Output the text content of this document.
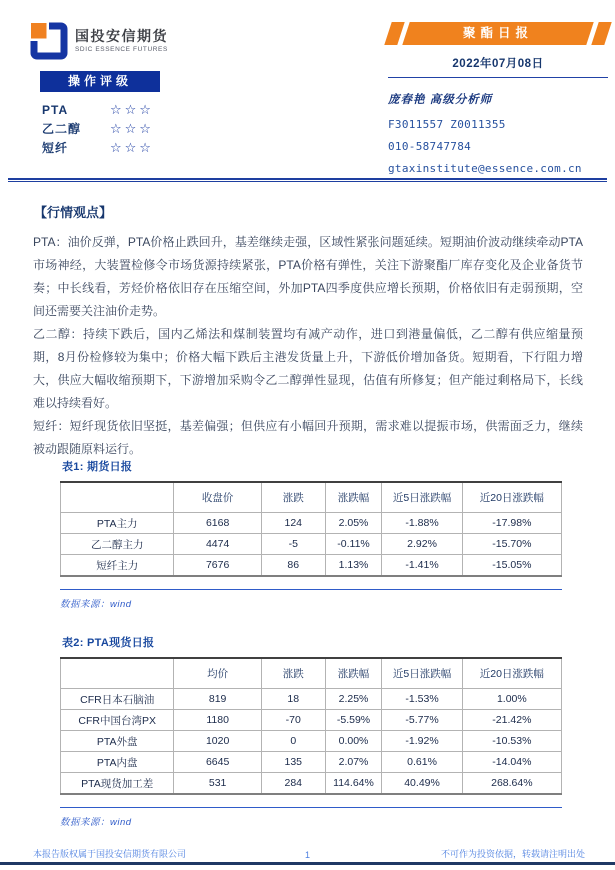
国投安信期货
SDIC ESSENCE FUTURES
操作评级
PTA	☆☆☆
乙二醇	☆☆☆
短纤	☆☆☆
聚酯日报
2022年07月08日
庞春艳 高级分析师
F3011557 Z0011355
010-58747784
gtaxinstitute@essence.com.cn
【行情观点】

PTA：油价反弹，PTA价格止跌回升，基差继续走强，区域性紧张问题延续。短期油价波动继续牵动PTA市场神经，大装置检修令市场货源持续紧张，PTA价格有弹性，关注下游聚酯厂库存变化及企业备货节奏；中长线看，芳烃价格依旧存在压缩空间，外加PTA四季度供应增长预期，价格依旧有走弱预期，空间还需要关注油价走势。

乙二醇：持续下跌后，国内乙烯法和煤制装置均有减产动作，进口到港量偏低，乙二醇有供应缩量预期，8月份检修较为集中；价格大幅下跌后主港发货量上升，下游低价增加备货。短期看，下行阻力增大，供应大幅收缩预期下，下游增加采购令乙二醇弹性显现，估值有所修复；但产能过剩格局下，长线难以持续看好。

短纤：短纤现货依旧坚挺，基差偏强；但供应有小幅回升预期，需求难以提振市场，供需面乏力，继续被动跟随原料运行。

表1: 期货日报
	收盘价	涨跌	涨跌幅	近5日涨跌幅	近20日涨跌幅
PTA主力	6168	124	2.05%	-1.88%	-17.98%
乙二醇主力	4474	-5	-0.11%	2.92%	-15.70%
短纤主力	7676	86	1.13%	-1.41%	-15.05%
数据来源：wind
表2: PTA现货日报
	均价	涨跌	涨跌幅	近5日涨跌幅	近20日涨跌幅
CFR日本石脑油	819	18	2.25%	-1.53%	1.00%
CFR中国台湾PX	1180	-70	-5.59%	-5.77%	-21.42%
PTA外盘	1020	0	0.00%	-1.92%	-10.53%
PTA内盘	6645	135	2.07%	0.61%	-14.04%
PTA现货加工差	531	284	114.64%	40.49%	268.64%
数据来源：wind
本报告版权属于国投安信期货有限公司	1	不可作为投资依据，转载请注明出处
